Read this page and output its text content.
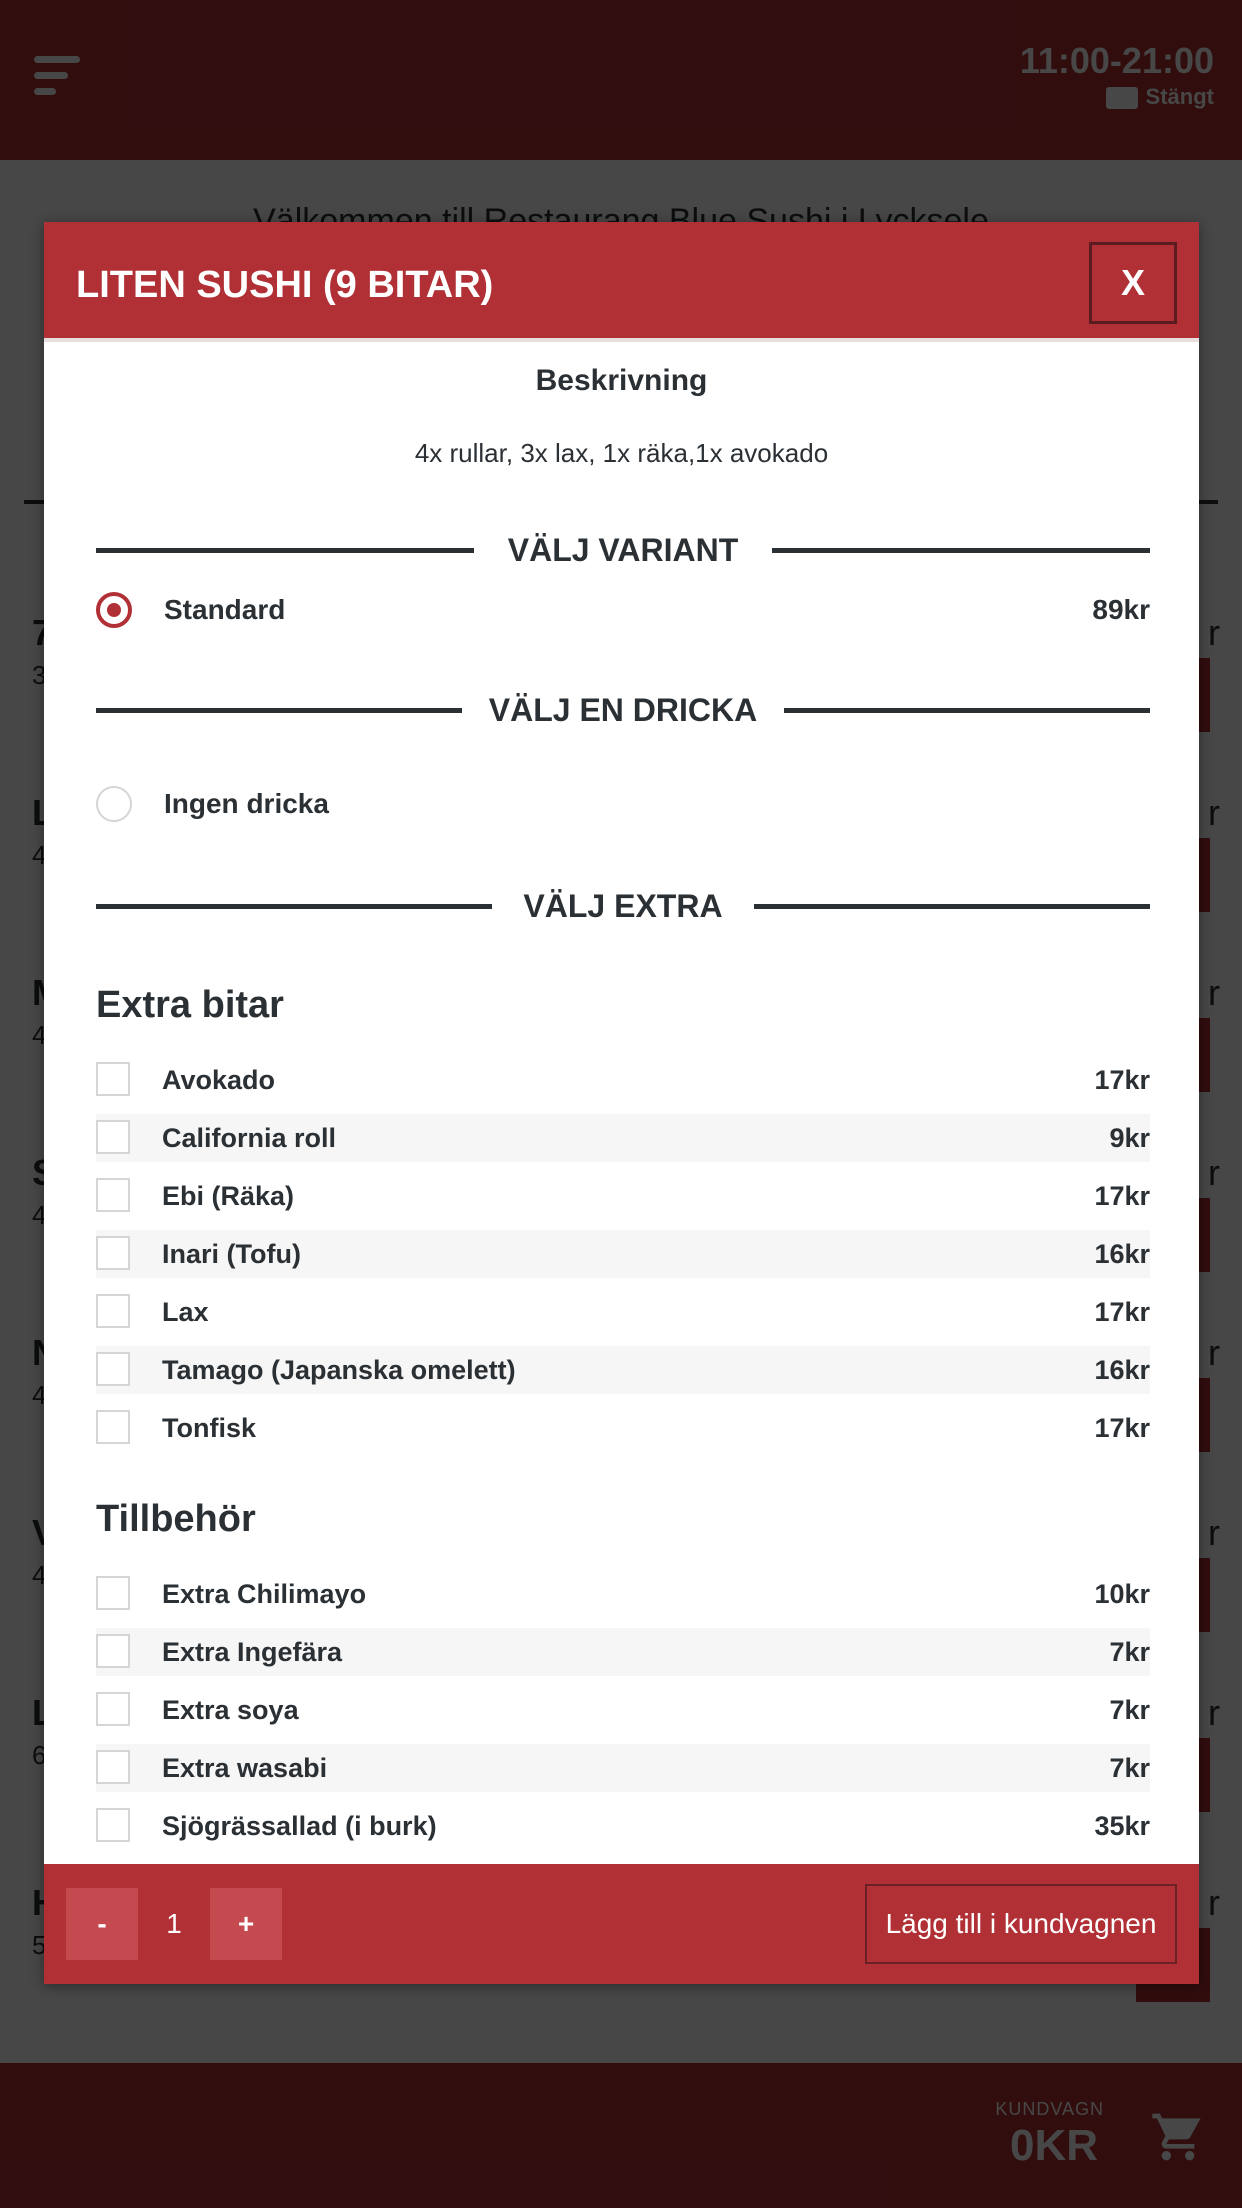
LITEN SUSHI (9 BITAR)	X
Beskrivning
4x rullar, 3x lax, 1x räka,1x avokado
VÄLJ VARIANT
Standard	89kr
VÄLJ EN DRICKA
Ingen dricka
VÄLJ EXTRA
Extra bitar
Avokado	17kr
California roll	9kr
Ebi (Räka)	17kr
Inari (Tofu)	16kr
Lax	17kr
Tamago (Japanska omelett)	16kr
Tonfisk	17kr
Tillbehör
Extra Chilimayo	10kr
Extra Ingefära	7kr
Extra soya	7kr
Extra wasabi	7kr
Sjögrässallad (i burk)	35kr
-	1	+	Lägg till i kundvagnen
